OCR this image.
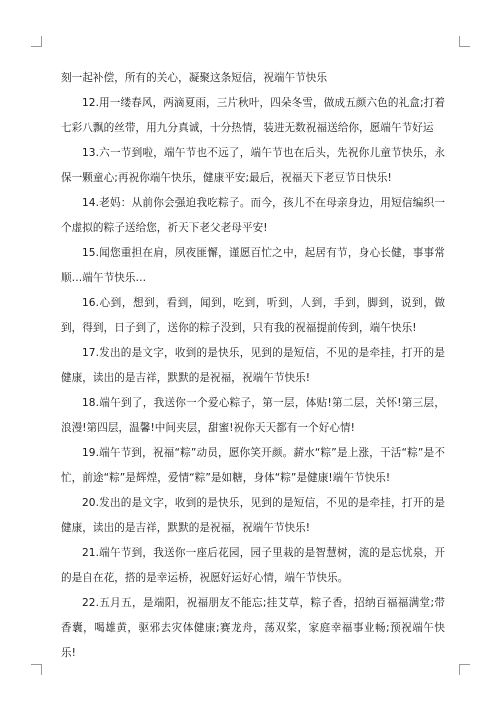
刻一起补偿，所有的关心，凝聚这条短信，祝端午节快乐

12.用一缕春风，两滴夏雨，三片秋叶，四朵冬雪，做成五颜六色的礼盒;打着七彩八飘的丝带，用九分真诚，十分热情，装进无数祝福送给你，愿端午节好运

13.六一节到啦，端午节也不远了，端午节也在后头，先祝你儿童节快乐，永保一颗童心;再祝你端午快乐，健康平安;最后，祝福天下老豆节日快乐!

14.老妈：从前你会强迫我吃粽子。而今，孩儿不在母亲身边，用短信编织一个虚拟的粽子送给您，祈天下老父老母平安!

15.闻您重担在肩，夙夜匪懈，谨愿百忙之中，起居有节，身心长健，事事常顺…端午节快乐…

16.心到，想到，看到，闻到，吃到，听到，人到，手到，脚到，说到，做到，得到，日子到了，送你的粽子没到，只有我的祝福提前传到，端午快乐!

17.发出的是文字，收到的是快乐，见到的是短信，不见的是牵挂，打开的是健康，读出的是吉祥，默默的是祝福，祝端午节快乐!

18.端午到了，我送你一个爱心粽子，第一层，体贴!第二层，关怀!第三层，浪漫!第四层，温馨!中间夹层，甜蜜!祝你天天都有一个好心情!

19.端午节到，祝福“粽”动员，愿你笑开颜。薪水“粽”是上涨，干活“粽”是不忙，前途“粽”是辉煌，爱情“粽”是如糖，身体“粽”是健康!端午节快乐!

20.发出的是文字，收到的是快乐，见到的是短信，不见的是牵挂，打开的是健康，读出的是吉祥，默默的是祝福，祝端午节快乐!

21.端午节到，我送你一座后花园，园子里栽的是智慧树，流的是忘忧泉，开的是自在花，搭的是幸运桥，祝愿好运好心情，端午节快乐。

22.五月五，是端阳，祝福朋友不能忘;挂艾草，粽子香，招纳百福福满堂;带香囊，喝雄黄，驱邪去灾体健康;赛龙舟，荡双桨，家庭幸福事业畅;预祝端午快乐!
